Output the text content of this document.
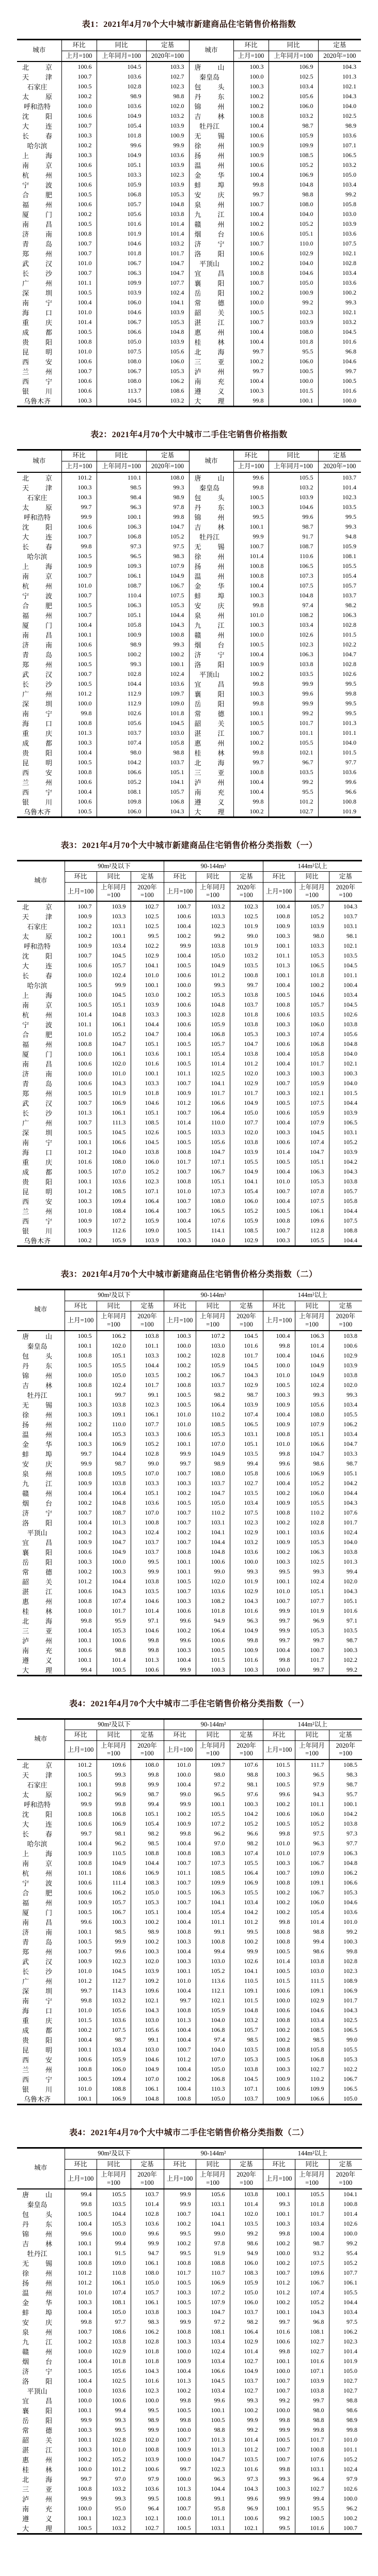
表1：2021年4月70个大中城市新建商品住宅销售价格指数
城市	环比	同比	定基	城市	环比	同比	定基
	上月=100	上年同月=100	2020年=100		上月=100	上年同月=100	2020年=100

北 京	100.6	104.5	103.3	唐 山	100.3	106.9	104.3

天 津	100.7	103.6	102.7	秦 皇 岛	100.0	102.5	101.3

石 家 庄	100.5	102.8	102.3	包 头	100.3	103.4	102.1

太 原	100.2	98.9	98.8	丹 东	100.2	105.6	104.3

呼 和 浩 特	100.0	103.6	102.0	锦 州	100.2	106.0	104.0

沈 阳	100.6	104.9	103.2	吉 林	100.8	103.2	102.5

大 连	100.7	105.4	103.9	牡 丹 江	100.4	98.7	98.9

长 春	100.3	101.8	100.9	无 锡	100.6	105.9	103.6

哈 尔 滨	100.2	99.6	99.9	徐 州	100.9	109.9	107.1

上 海	100.3	104.9	103.6	扬 州	100.9	108.5	106.5

南 京	100.6	105.1	103.9	温 州	100.6	105.2	103.2

杭 州	100.5	103.3	102.3	金 华	100.4	106.9	105.0

宁 波	100.6	105.9	103.9	蚌 埠	99.8	104.8	103.4

合 肥	100.5	106.8	105.3	安 庆	99.7	98.8	99.2

福 州	100.6	105.7	104.8	泉 州	100.7	108.0	105.8

厦 门	100.2	105.6	103.8	九 江	100.4	104.0	103.0

南 昌	100.5	101.6	101.4	赣 州	100.2	105.2	103.9

济 南	100.8	101.9	101.4	烟 台	100.6	105.1	103.6

青 岛	100.7	104.6	103.2	济 宁	100.7	110.0	107.5

郑 州	100.7	101.8	101.7	洛 阳	100.6	102.9	102.1

武 汉	101.0	106.7	104.7	平 顶 山	100.2	104.0	102.8

长 沙	100.7	106.3	104.7	宜 昌	100.8	104.6	103.4

广 州	101.1	109.9	107.7	襄 阳	100.7	105.0	103.6

深 圳	100.5	103.9	102.4	岳 阳	100.2	100.9	100.2

南 宁	100.4	106.0	104.1	常 德	100.0	99.2	99.3

海 口	101.0	104.6	103.9	韶 关	100.5	102.3	102.1

重 庆	101.4	106.7	105.3	湛 江	100.7	103.9	103.2

成 都	100.5	106.6	104.8	惠 州	100.4	108.0	104.5

贵 阳	100.8	105.0	103.9	桂 林	100.4	101.8	101.6

昆 明	101.0	107.5	105.6	北 海	99.7	95.5	96.8

西 安	100.6	108.0	106.0	三 亚	100.2	106.0	104.6

兰 州	100.7	106.7	105.3	泸 州	99.7	100.5	99.7

西 宁	100.6	108.0	106.2	南 充	100.4	100.0	100.5

银 川	100.6	113.7	108.6	遵 义	100.3	101.5	101.6

乌 鲁 木 齐	100.3	104.5	103.2	大 理	99.8	100.1	100.0
表2：2021年4月70个大中城市二手住宅销售价格指数
城市	环比	同比	定基	城市	环比	同比	定基
	上月=100	上年同月=100	2020年=100		上月=100	上年同月=100	2020年=100

北 京	101.2	110.1	108.0	唐 山	99.6	105.5	103.7

天 津	100.3	98.5	99.3	秦 皇 岛	99.8	103.2	101.4

石 家 庄	100.3	98.4	98.9	包 头	100.5	103.9	102.3

太 原	99.7	96.3	97.8	丹 东	100.3	104.6	103.5

呼 和 浩 特	99.9	100.1	99.8	锦 州	99.5	99.6	99.5

沈 阳	100.6	106.3	104.7	吉 林	100.1	98.7	99.3

大 连	100.7	106.8	105.2	牡 丹 江	99.9	91.7	94.8

长 春	99.8	97.3	97.5	无 锡	100.7	108.7	105.9

哈 尔 滨	100.5	96.5	98.3	徐 州	101.4	110.6	108.1

上 海	100.9	109.3	107.9	扬 州	100.8	106.5	105.5

南 京	100.7	106.1	104.9	温 州	100.8	107.3	105.4

杭 州	101.0	108.7	106.7	金 华	100.4	107.5	105.7

宁 波	100.7	110.4	107.5	蚌 埠	100.3	104.8	103.7

合 肥	100.5	106.3	105.3	安 庆	99.8	97.4	98.2

福 州	100.7	105.1	104.4	泉 州	101.0	108.2	106.3

厦 门	100.4	105.8	104.3	九 江	100.3	103.4	102.8

南 昌	100.1	100.9	100.8	赣 州	100.0	102.6	101.5

济 南	100.6	98.9	99.3	烟 台	100.5	102.3	102.2

青 岛	100.5	100.2	100.2	济 宁	100.4	106.3	104.7

郑 州	100.5	99.3	100.1	洛 阳	100.9	103.8	102.8

武 汉	100.7	102.8	102.4	平 顶 山	100.2	103.5	102.6

长 沙	100.5	104.4	103.6	宜 昌	99.8	99.9	99.5

广 州	101.2	112.9	109.7	襄 阳	100.3	99.6	99.8

深 圳	100.0	112.9	109.0	岳 阳	99.8	99.9	99.5

南 宁	99.8	102.6	101.8	常 德	100.1	99.2	99.5

海 口	100.8	105.6	104.5	韶 关	100.5	101.7	101.3

重 庆	101.3	103.7	103.0	湛 江	100.7	101.1	101.1

成 都	100.3	107.4	105.8	惠 州	100.2	105.5	104.0

贵 阳	100.4	98.0	98.8	桂 林	99.8	102.1	101.5

昆 明	100.5	104.2	103.7	北 海	99.7	96.7	97.7

西 安	100.8	106.6	105.1	三 亚	100.8	103.5	103.6

兰 州	100.6	105.2	104.1	泸 州	100.4	99.2	99.6

西 宁	100.4	108.1	105.7	南 充	100.4	95.5	96.6

银 川	100.6	109.8	106.8	遵 义	99.8	101.2	100.8

乌 鲁 木 齐	100.5	106.0	104.3	大 理	100.2	102.7	101.9
表3：2021年4月70个大中城市新建商品住宅销售价格分类指数（一）
城市	90m²及以下			90-144m²			144m²以上		
	环比	同比	定基	环比	同比	定基	环比	同比	定基
	上月=100	上年同月=100	2020年=100	上月=100	上年同月=100	2020年=100	上月=100	上年同月=100	2020年=100

北 京	100.7	103.9	102.7	100.7	103.2	102.3	100.4	105.7	104.3

天 津	100.9	103.3	102.5	100.6	103.3	102.5	100.8	105.2	103.7

石 家 庄	100.2	103.1	102.5	100.4	102.3	101.9	100.9	103.9	103.1

太 原	100.2	100.1	99.5	100.2	99.2	99.0	100.3	98.0	98.1

呼 和 浩 特	100.9	103.4	102.2	99.9	103.8	101.9	100.1	103.3	102.1

沈 阳	100.7	104.5	102.9	100.4	105.0	103.2	101.1	105.3	103.5

大 连	100.6	105.7	104.1	100.5	104.9	103.5	101.3	106.5	104.5

长 春	100.0	102.4	101.0	100.6	101.2	100.8	100.1	101.8	101.1

哈 尔 滨	100.5	99.9	100.1	100.0	99.3	99.7	100.4	100.2	100.4

上 海	100.0	104.5	103.0	100.2	105.3	103.8	100.5	104.6	103.4

南 京	100.5	105.1	103.9	100.6	104.8	103.7	100.8	105.7	104.5

杭 州	101.4	104.8	103.3	100.3	102.8	101.8	100.6	103.5	102.6

宁 波	101.1	106.1	104.4	100.6	105.9	103.8	100.3	106.0	103.8

合 肥	101.0	105.2	104.7	100.4	106.8	105.3	100.3	107.4	105.6

福 州	100.8	104.7	105.1	100.5	105.7	104.7	100.6	106.8	104.8

厦 门	100.0	106.1	103.6	100.1	105.4	103.8	100.4	105.8	104.0

南 昌	100.6	102.0	101.6	100.5	101.4	101.2	100.4	101.7	102.1

济 南	100.0	101.0	100.1	101.1	102.5	102.0	100.3	100.3	100.3

青 岛	100.6	104.3	103.3	100.7	104.1	102.9	100.7	105.9	104.0

郑 州	100.5	101.9	101.8	100.9	101.7	101.7	100.3	102.1	101.5

武 汉	100.7	106.9	104.6	101.2	106.6	104.9	100.5	107.5	104.4

长 沙	101.3	106.1	105.1	100.7	106.4	105.0	100.6	105.9	103.9

广 州	100.7	111.3	108.5	101.4	110.0	107.7	100.4	107.9	106.5

深 圳	100.5	104.5	102.6	100.5	103.3	102.0	100.3	104.5	103.1

南 宁	100.1	106.6	104.5	100.5	105.6	103.8	100.6	107.4	105.2

海 口	101.2	104.0	103.8	100.8	104.7	103.9	101.4	104.7	103.9

重 庆	101.6	108.0	106.0	101.7	107.1	105.5	100.5	105.1	104.2

成 都	100.5	107.0	105.2	100.7	106.7	104.9	100.4	106.3	104.3

贵 阳	100.1	103.6	102.3	100.8	105.1	104.1	101.0	105.3	103.8

昆 明	101.2	108.5	107.1	101.0	107.3	105.4	100.7	107.8	105.7

西 安	100.3	109.4	106.4	100.7	108.0	106.0	100.4	107.5	105.8

兰 州	101.0	108.4	106.4	100.7	106.5	105.2	100.5	106.1	104.4

西 宁	100.9	107.2	105.9	100.4	107.6	105.9	100.8	109.6	107.5

银 川	100.9	112.6	109.0	100.5	114.1	108.5	100.7	112.8	108.8

乌 鲁 木 齐	100.2	105.9	103.9	100.3	104.0	102.9	100.3	105.5	104.4
表3：2021年4月70个大中城市新建商品住宅销售价格分类指数（二）
城市	90m²及以下			90-144m²			144m²以上		
	环比	同比	定基	环比	同比	定基	环比	同比	定基
	上月=100	上年同月=100	2020年=100	上月=100	上年同月=100	2020年=100	上月=100	上年同月=100	2020年=100

唐 山	100.5	106.2	103.8	100.3	107.2	104.5	100.4	106.3	103.8

秦 皇 岛	100.1	102.0	101.1	100.0	103.0	101.6	99.8	101.4	100.6

包 头	100.8	105.1	103.3	100.2	102.8	101.7	100.4	104.6	102.9

丹 东	100.5	105.5	104.4	100.2	105.9	104.5	100.0	104.9	103.9

锦 州	100.0	105.0	103.5	100.2	106.7	104.3	101.0	104.9	103.8

吉 林	100.8	102.4	101.7	100.8	103.7	102.9	100.5	102.4	102.0

牡 丹 江	100.1	99.7	99.1	100.5	98.2	98.7	100.3	99.3	99.3

无 锡	100.3	103.8	102.3	100.5	106.4	103.9	100.9	105.6	103.4

徐 州	100.3	109.1	106.1	101.0	110.2	107.4	100.4	108.0	105.5

扬 州	100.2	110.0	107.7	101.0	108.5	106.5	100.9	107.9	106.2

温 州	100.4	105.3	103.3	100.6	105.3	103.1	100.8	105.1	103.4

金 华	100.3	106.9	105.2	100.1	107.0	105.1	101.0	106.6	104.7

蚌 埠	99.7	104.4	102.8	99.9	104.9	103.5	99.8	104.7	103.3

安 庆	99.9	98.7	99.0	99.7	98.9	99.4	99.6	98.6	98.7

泉 州	100.8	109.5	107.0	100.7	108.0	105.8	100.6	106.9	105.1

九 江	100.9	103.8	103.3	100.3	103.7	102.7	100.4	105.2	104.2

赣 州	100.4	106.4	105.1	100.2	104.7	103.5	100.2	106.0	104.4

烟 台	100.2	104.8	103.6	100.5	105.0	103.4	100.9	105.5	104.3

济 宁	100.7	108.7	107.0	100.7	110.2	107.5	100.8	110.2	107.6

洛 阳	100.4	101.3	100.8	100.7	103.1	102.3	100.2	102.8	101.7

平 顶 山	100.2	104.3	102.4	100.2	104.1	102.9	100.1	103.6	102.4

宜 昌	100.9	104.7	103.7	100.7	104.4	103.2	100.9	105.3	104.0

襄 阳	100.6	104.9	103.7	100.8	104.8	103.6	100.2	106.3	103.8

岳 阳	100.3	100.0	99.5	100.1	100.6	100.0	100.3	102.5	101.3

常 德	100.2	100.3	99.9	100.1	99.0	99.3	99.5	99.3	99.4

韶 关	101.2	104.4	103.8	100.5	102.0	101.9	100.1	102.4	102.0

湛 江	100.6	104.3	103.5	100.7	103.6	102.9	101.0	105.1	104.3

惠 州	100.8	107.4	104.6	100.3	108.2	104.3	100.7	107.7	105.1

桂 林	100.0	101.7	101.4	100.6	101.8	101.6	99.9	101.9	101.6

北 海	99.8	95.9	97.1	99.6	94.9	96.3	99.7	96.9	97.1

三 亚	100.4	105.3	104.6	100.2	106.4	104.9	99.9	105.3	103.5

泸 州	100.1	100.6	99.8	99.6	100.6	99.8	99.7	99.7	98.7

南 充	100.6	98.8	99.8	100.3	100.5	100.9	100.4	100.7	100.3

遵 义	100.1	101.4	101.3	100.4	101.5	101.6	99.8	101.7	102.2

大 理	99.4	100.5	100.6	99.9	100.3	100.3	100.0	99.7	99.2
表4：2021年4月70个大中城市二手住宅销售价格分类指数（一）
城市	90m²及以下			90-144m²			144m²以上		
	环比	同比	定基	环比	同比	定基	环比	同比	定基
	上月=100	上年同月=100	2020年=100	上月=100	上年同月=100	2020年=100	上月=100	上年同月=100	2020年=100

北 京	101.2	109.6	108.0	101.0	109.7	107.6	101.5	111.7	108.5

天 津	100.5	99.3	99.8	100.0	98.0	98.8	100.3	96.5	98.3

石 家 庄	100.1	99.8	99.9	100.4	97.2	98.1	100.5	97.9	98.7

太 原	100.2	96.9	98.7	99.0	96.5	97.6	99.6	94.3	95.7

呼 和 浩 特	99.9	99.8	99.4	99.9	100.1	100.3	100.2	101.1	100.1

沈 阳	100.8	106.8	105.1	100.2	105.5	104.2	100.6	106.0	104.2

大 连	100.6	106.9	105.4	100.9	107.2	105.2	100.5	105.2	103.8

长 春	99.7	98.1	98.2	99.8	96.2	96.6	99.8	97.5	97.3

哈 尔 滨	100.4	96.2	98.5	100.4	97.0	98.2	101.0	96.3	97.7

上 海	100.9	110.5	108.8	100.8	108.3	107.4	101.0	107.9	106.3

南 京	100.8	104.9	104.4	100.7	107.3	105.5	100.3	106.7	104.8

杭 州	101.1	108.6	106.9	101.1	108.5	106.4	100.7	109.0	106.2

宁 波	100.6	111.4	108.3	100.7	109.9	106.9	100.8	109.1	106.6

合 肥	100.6	106.2	105.0	100.5	106.3	105.5	100.2	106.7	105.3

福 州	100.9	105.7	105.3	100.7	104.1	103.4	100.2	106.0	104.6

厦 门	100.5	106.7	105.1	100.4	105.4	104.2	100.2	105.4	103.6

南 昌	99.6	100.3	100.2	100.4	101.1	101.2	99.8	101.4	101.0

济 南	100.1	98.5	98.9	100.8	99.1	99.5	100.8	98.8	99.2

青 岛	100.5	99.9	100.2	100.3	100.8	100.2	100.8	99.4	100.3

郑 州	100.7	99.6	100.3	100.4	99.4	99.9	100.5	98.6	99.8

武 汉	100.9	102.3	102.0	100.3	103.0	102.6	101.4	103.8	102.8

长 沙	101.0	104.5	103.9	100.1	105.2	104.1	100.5	103.0	102.3

广 州	101.2	112.7	109.2	101.0	113.6	110.5	101.5	111.5	108.9

深 圳	99.7	114.3	109.6	100.4	112.1	109.1	100.6	109.1	106.9

南 宁	99.8	103.2	102.1	99.7	102.1	101.5	100.0	102.9	101.7

海 口	101.0	105.6	104.3	100.8	105.9	104.8	100.6	104.6	104.3

重 庆	101.5	103.6	103.0	101.3	104.0	103.2	100.8	103.4	102.5

成 都	100.2	107.5	105.6	100.4	106.8	105.7	100.2	108.5	106.5

贵 阳	100.4	98.7	99.1	100.4	97.4	98.5	100.2	98.5	99.0

昆 明	100.1	103.4	103.0	100.7	104.0	103.5	100.8	105.8	105.5

西 安	100.6	105.9	104.6	101.2	107.0	105.3	100.5	106.8	105.3

兰 州	100.8	106.0	104.9	100.4	105.0	103.8	100.3	102.7	102.2

西 宁	100.5	109.4	107.0	100.2	106.8	104.5	100.9	110.2	106.7

银 川	101.0	108.8	106.1	100.4	110.3	107.1	100.6	109.9	106.5

乌 鲁 木 齐	100.1	106.9	104.8	100.8	105.0	103.7	100.9	106.6	105.0
表4：2021年4月70个大中城市二手住宅销售价格分类指数（二）
城市	90m²及以下			90-144m²			144m²以上		
	环比	同比	定基	环比	同比	定基	环比	同比	定基
	上月=100	上年同月=100	2020年=100	上月=100	上年同月=100	2020年=100	上月=100	上年同月=100	2020年=100

唐 山	99.4	105.5	103.7	99.9	105.6	103.8	100.1	105.5	104.1

秦 皇 岛	99.8	103.5	101.4	99.9	103.1	101.4	99.3	101.8	100.8

包 头	100.5	104.4	102.8	100.7	104.1	102.0	100.1	101.7	101.4

丹 东	100.4	105.3	103.6	100.2	104.1	103.5	100.3	103.4	102.6

锦 州	99.6	100.0	99.6	99.5	99.0	99.2	99.8	100.4	100.0

吉 林	100.1	99.4	99.9	100.2	97.8	98.6	100.2	98.7	99.2

牡 丹 江	100.1	91.5	94.7	99.5	91.9	94.9	100.0	93.2	95.4

无 锡	100.8	109.0	106.1	100.8	108.8	106.0	100.2	107.5	105.2

徐 州	101.2	110.8	108.0	101.7	110.7	108.3	100.7	109.6	107.7

扬 州	101.2	106.1	105.0	100.5	106.9	105.9	101.2	106.7	106.1

温 州	101.0	107.4	105.7	100.3	107.2	105.0	101.2	107.4	105.5

金 华	100.3	108.1	106.1	100.5	107.9	106.0	100.2	105.2	104.4

蚌 埠	100.4	105.0	103.8	100.3	104.7	103.7	100.1	104.3	103.4

安 庆	99.8	97.7	98.3	99.9	97.2	98.2	99.7	96.8	97.5

泉 州	100.7	108.6	106.2	100.8	108.1	106.4	101.6	108.1	106.2

九 江	100.2	103.8	102.8	100.3	103.4	102.9	100.6	102.7	102.3

赣 州	100.0	102.9	101.8	100.0	102.4	101.4	99.8	102.7	101.4

烟 台	100.4	101.8	101.8	100.9	103.4	102.7	100.1	101.6	101.9

济 宁	100.5	105.6	104.3	100.4	106.6	104.9	100.0	107.1	105.0

洛 阳	100.4	102.5	101.6	101.3	104.5	103.7	100.7	103.9	102.7

平 顶 山	100.0	103.6	102.3	100.2	103.4	102.7	100.7	103.8	102.7

宜 昌	100.0	100.6	100.0	99.8	99.6	99.3	99.2	99.7	98.8

襄 阳	100.1	99.4	99.5	100.5	100.1	100.2	100.0	98.0	98.6

岳 阳	99.9	99.3	98.9	99.8	100.5	99.9	99.8	98.8	98.9

常 德	100.3	99.5	99.9	100.0	98.8	99.2	99.9	99.8	99.8

韶 关	100.1	102.8	102.0	100.7	101.3	101.4	100.5	101.7	101.0

湛 江	100.3	101.0	100.8	100.9	101.3	101.2	100.7	100.8	101.1

惠 州	100.2	105.2	103.9	100.0	104.7	103.5	100.7	107.6	105.2

桂 林	100.0	101.2	100.6	99.7	102.3	101.6	99.8	103.1	102.4

北 海	99.7	97.0	97.9	100.0	96.3	97.3	99.3	96.4	97.9

三 亚	100.8	103.2	103.6	101.3	104.4	104.3	100.3	102.7	102.6

泸 州	99.9	99.3	99.5	100.8	99.1	99.6	99.9	99.4	100.0

南 充	100.0	95.0	96.4	100.7	95.8	96.9	100.1	95.5	96.2

遵 义	100.1	102.3	102.1	100.0	101.1	100.6	99.2	100.5	100.2

大 理	100.5	103.2	102.7	100.5	103.1	102.1	99.5	101.6	100.7
